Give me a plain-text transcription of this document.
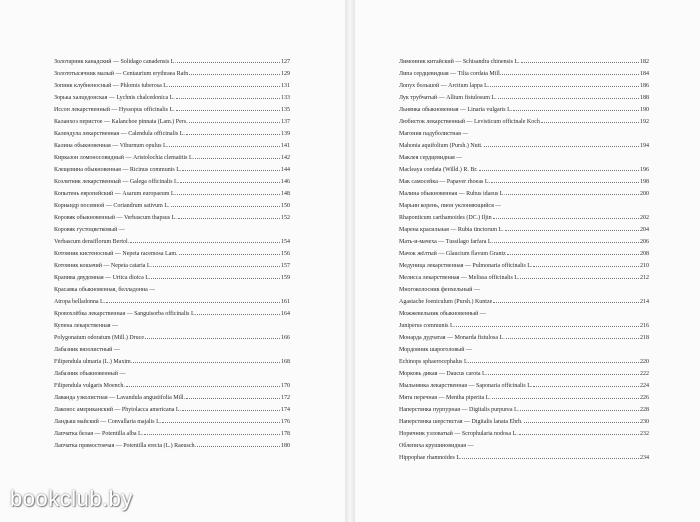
Золотарник канадский — Solidago canadensis L.	127
Золототысячник малый — Centaurium erythraea Rafn	129
Зопник клубненосный — Phlomis tuberosa L.	131
Зорька халцедонская — Lychnis chalcedonica L.	133
Иссоп лекарственный — Hyssopus officinalis L.	135
Каланхоэ перистое — Kalanchoe pinnata (Lam.) Pers.	137
Календула лекарственная — Calendula officinalis L.	139
Калина обыкновенная — Viburnum opulus L.	141
Кирказон ломоносовидный — Aristolochia clematitis L.	142
Клещевина обыкновенная — Ricinus communis L.	144
Козлятник лекарственный — Galega officinalis L.	146
Копытень европейский — Asarum europaeum L.	148
Кориандр посевной — Coriandrum sativum L.	150
Коровяк обыкновенный — Verbascum thapsus L.	152
Коровяк густоцветковый —
Verbascum densiflorum Bertol.	154
Котовник кистеносный — Nepeta racemosa Lam.	156
Котовник кошачий — Nepeta cataria L.	157
Крапива двудомная — Urtica dioica L.	159
Красавка обыкновенная, белладонна —
Atropa belladonna L.	161
Кровохлёбка лекарственная — Sanguisorba officinalis L.	164
Купена лекарственная —
Polygonatum odoratum (Mill.) Druce	166
Лабазник вязолистный —
Filipendula ulmaria (L.) Maxim.	168
Лабазник обыкновенный —
Filipendula vulgaris Moench.	170
Лаванда узколистная — Lavandula angustifolia Mill.	172
Лаконос американский — Phytolacca americana L.	174
Ландыш майский — Convallaria majalis L.	176
Лапчатка белая — Potentilla alba L.	178
Лапчатка прямостоячая — Potentilla erecta (L.) Raeusch.	180
Лимонник китайский — Schisandra chinensis L.	182
Липа сердцевидная — Tilia cordata Mill.	184
Лопух большой — Arctium lappa L.	186
Лук трубчатый — Allium fistulosum L.	188
Льнянка обыкновенная — Linaria vulgaris L.	190
Любисток лекарственный — Levisticum officinale Koch	192
Магония падуболистная —
Mahonia aquifolium (Pursh.) Nutt.	194
Маклея сердцевидная —
Macleaya cordata (Willd.) R. Br.	196
Мак самосейка — Papaver rhoeas L.	198
Малина обыкновенная — Rubus idaeus L.	200
Марьин корень, пион уклоняющийся —
Rhaponticum carthamoides (DC.) Iljin	202
Марена красильная — Rubia tinctorum L.	204
Мать-и-мачеха — Tussilago farfara L.	206
Мачок жёлтый — Glaucium flavum Grantz	208
Медуница лекарственная — Pulmonaria officinalis L.	210
Мелисса лекарственная — Melissa officinalis L.	212
Многоколосник фенхельный —
Agastache foeniculum (Pursh.) Kuntze	214
Можжевельник обыкновенный —
Juniperus communis L.	216
Монарда дудчатая — Monarda fistulosa L.	218
Мордовник шароголовый —
Echinops sphaerocephalus L.	220
Морковь дикая — Daucus carota L.	222
Мыльнянка лекарственная — Saponaria officinalis L.	224
Мята перечная — Mentha piperita L.	226
Наперстянка пурпурная — Digitalis purpurea L.	228
Наперстянка шерстистая — Digitalis lanata Ehrh.	230
Норичник узловатый — Scrophularia nodosa L.	232
Облепиха крушиновидная —
Hippophae rhamnoides L.	234
bookclub.by
